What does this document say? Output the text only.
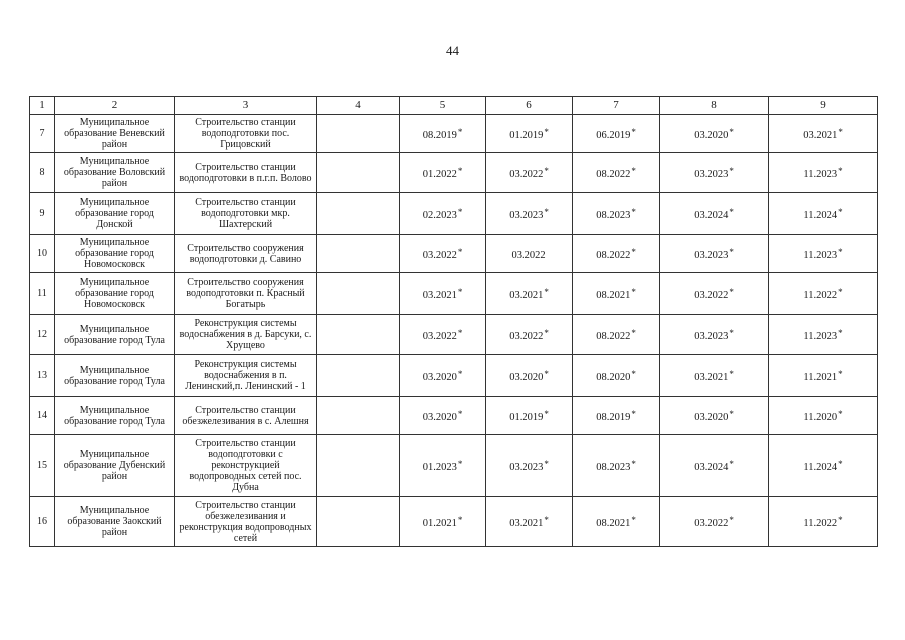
44
1	2	3	4	5	6	7	8	9
7	Муниципальное образование Веневский район	Строительство станции водоподготовки пос. Грицовский		08.2019*	01.2019*	06.2019*	03.2020*	03.2021*
8	Муниципальное образование Воловский район	Строительство станции водоподготовки в п.г.п. Волово		01.2022*	03.2022*	08.2022*	03.2023*	11.2023*
9	Муниципальное образование город Донской	Строительство станции водоподготовки мкр. Шахтерский		02.2023*	03.2023*	08.2023*	03.2024*	11.2024*
10	Муниципальное образование город Новомосковск	Строительство сооружения водоподготовки д. Савино		03.2022*	03.2022	08.2022*	03.2023*	11.2023*
11	Муниципальное образование город Новомосковск	Строительство сооружения водоподготовки п. Красный Богатырь		03.2021*	03.2021*	08.2021*	03.2022*	11.2022*
12	Муниципальное образование город Тула	Реконструкция системы водоснабжения в д. Барсуки, с. Хрущево		03.2022*	03.2022*	08.2022*	03.2023*	11.2023*
13	Муниципальное образование город Тула	Реконструкция системы водоснабжения в п. Ленинский,п. Ленинский - 1		03.2020*	03.2020*	08.2020*	03.2021*	11.2021*
14	Муниципальное образование город Тула	Строительство станции обезжелезивания в с. Алешня		03.2020*	01.2019*	08.2019*	03.2020*	11.2020*
15	Муниципальное образование Дубенский район	Строительство станции водоподготовки с реконструкцией водопроводных сетей пос. Дубна		01.2023*	03.2023*	08.2023*	03.2024*	11.2024*
16	Муниципальное образование Заокский район	Строительство станции обезжелезивания и реконструкция водопроводных сетей		01.2021*	03.2021*	08.2021*	03.2022*	11.2022*
